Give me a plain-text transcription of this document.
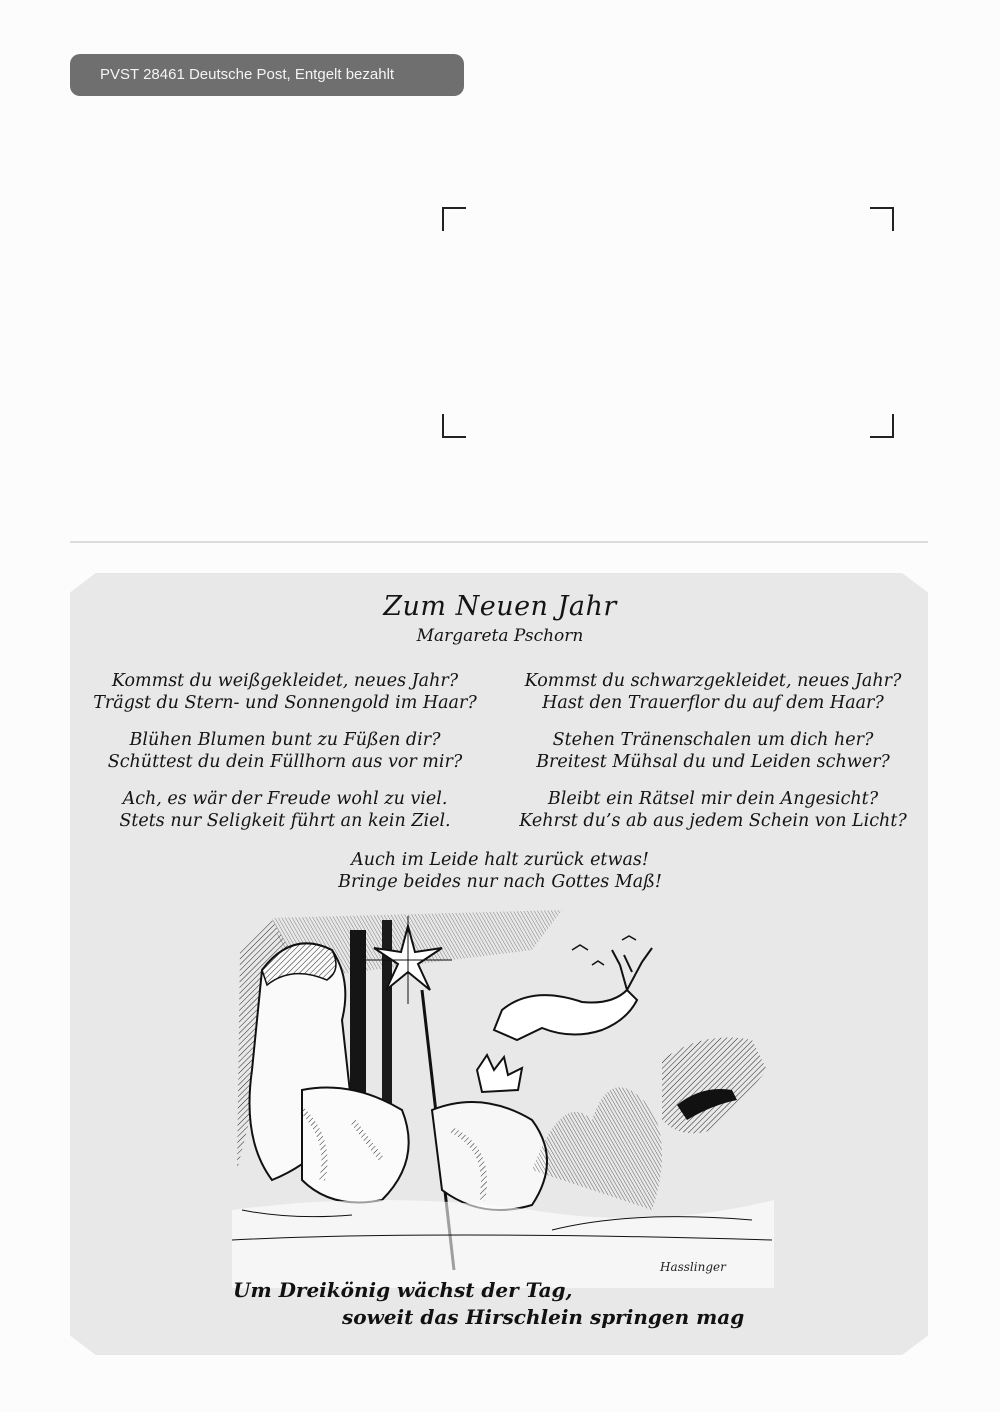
PVST 28461 Deutsche Post, Entgelt bezahlt
Zum Neuen Jahr
Margareta Pschorn
Kommst du weißgekleidet, neues Jahr?
Trägst du Stern- und Sonnengold im Haar?
Blühen Blumen bunt zu Füßen dir?
Schüttest du dein Füllhorn aus vor mir?
Ach, es wär der Freude wohl zu viel.
Stets nur Seligkeit führt an kein Ziel.
Kommst du schwarzgekleidet, neues Jahr?
Hast den Trauerflor du auf dem Haar?
Stehen Tränenschalen um dich her?
Breitest Mühsal du und Leiden schwer?
Bleibt ein Rätsel mir dein Angesicht?
Kehrst du’s ab aus jedem Schein von Licht?
Auch im Leide halt zurück etwas!
Bringe beides nur nach Gottes Maß!
Hasslinger
Um Dreikönig wächst der Tag,
soweit das Hirschlein springen mag
